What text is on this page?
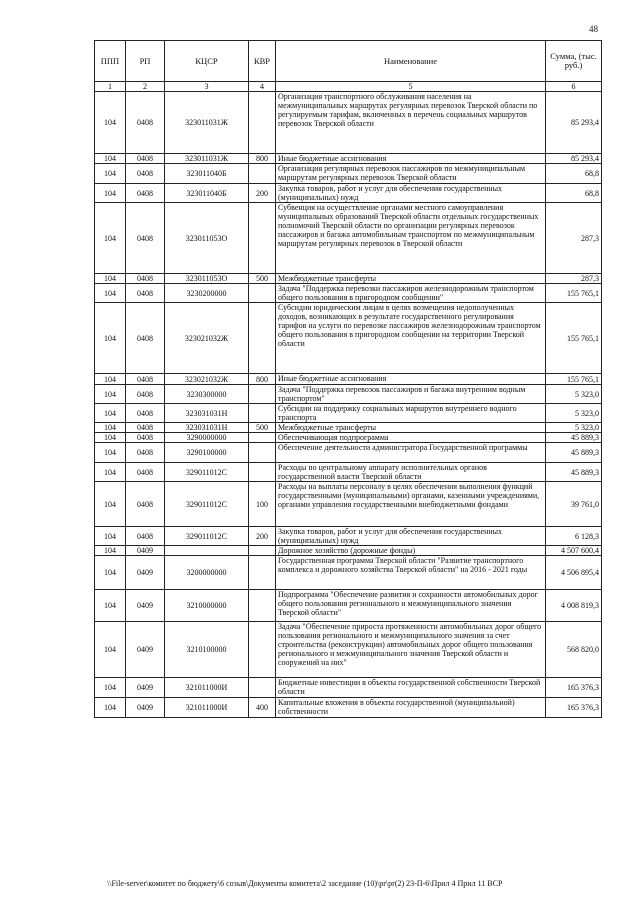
48
ППП	РП	КЦСР	КВР	Наименование	Сумма, (тыс. руб.)
1	2	3	4	5	6
104	0408	323011031Ж		Организация транспортного обслуживания населения на межмуниципальных маршрутах регулярных перевозок Тверской области по регулируемым тарифам, включенных в перечень социальных маршрутов перевозок Тверской области	85 293,4
104	0408	323011031Ж	800	Иные бюджетные ассигнования	85 293,4
104	0408	323011040Б		Организация регулярных перевозок пассажиров по межмуниципальным маршрутам регулярных перевозок Тверской области	68,8
104	0408	323011040Б	200	Закупка товаров, работ и услуг для обеспечения государственных (муниципальных) нужд	68,8
104	0408	323011053О		Субвенция на осуществление органами местного самоуправления муниципальных образований Тверской области отдельных государственных полномочий Тверской области по организации регулярных перевозок пассажиров и багажа автомобильным транспортом по межмуниципальным маршрутам регулярных перевозок в Тверской области	287,3
104	0408	323011053О	500	Межбюджетные трансферты	287,3
104	0408	3230200000		Задача "Поддержка перевозки пассажиров железнодорожным транспортом общего пользования в пригородном сообщении"	155 765,1
104	0408	323021032Ж		Субсидии юридическим лицам в целях возмещения недополученных доходов, возникающих в результате государственного регулирования тарифов на услуги по перевозке пассажиров железнодорожным транспортом общего пользования в пригородном сообщении на территории Тверской области	155 765,1
104	0408	323021032Ж	800	Иные бюджетные ассигнования	155 765,1
104	0408	3230300000		Задача "Поддержка перевозок пассажиров и багажа внутренним водным транспортом"	5 323,0
104	0408	323031031Н		Субсидии на поддержку социальных маршрутов внутреннего водного транспорта	5 323,0
104	0408	323031031Н	500	Межбюджетные трансферты	5 323,0
104	0408	3290000000		Обеспечивающая подпрограмма	45 889,3
104	0408	3290100000		Обеспечение деятельности администратора Государственной программы	45 889,3
104	0408	329011012С		Расходы по центральному аппарату исполнительных органов государственной власти Тверской области	45 889,3
104	0408	329011012С	100	Расходы на выплаты персоналу в целях обеспечения выполнения функций государственными (муниципальными) органами, казенными учреждениями, органами управления государственными внебюджетными фондами	39 761,0
104	0408	329011012С	200	Закупка товаров, работ и услуг для обеспечения государственных (муниципальных) нужд	6 128,3
104	0409			Дорожное хозяйство (дорожные фонды)	4 507 600,4
104	0409	3200000000		Государственная программа Тверской области "Развитие транспортного комплекса и дорожного хозяйства Тверской области" на 2016 - 2021 годы	4 506 895,4
104	0409	3210000000		Подпрограмма "Обеспечение развития и сохранности автомобильных дорог общего пользования регионального и межмуниципального значения Тверской области"	4 008 819,3
104	0409	3210100000		Задача "Обеспечение прироста протяженности автомобильных дорог общего пользования регионального и межмуниципального значения за счет строительства (реконструкции) автомобильных дорог общего пользования регионального и межмуниципального значения Тверской области и сооружений на них"	568 820,0
104	0409	321011000И		Бюджетные инвестиции в объекты государственной собственности Тверской области	165 376,3
104	0409	321011000И	400	Капитальные вложения в объекты государственной (муниципальной) собственности	165 376,3
\\File-server\комитет по бюджету\6 созыв\Документы комитета\2 заседание (10)\pr\pr(2) 23-П-6\Прил 4 Прил 11 ВСР
